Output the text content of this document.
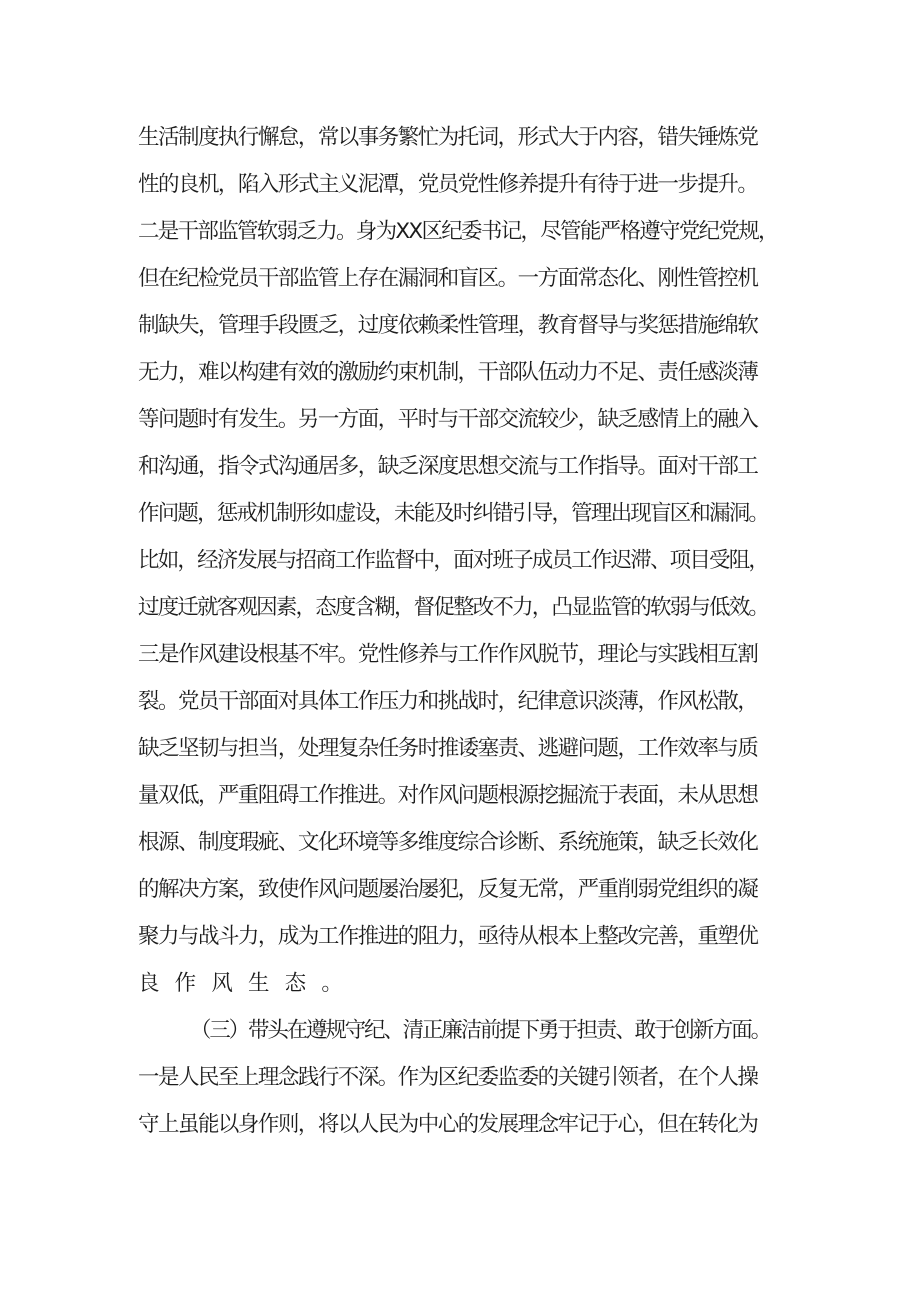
生活制度执行懈怠，常以事务繁忙为托词，形式大于内容，错失锤炼党
性的良机，陷入形式主义泥潭，党员党性修养提升有待于进一步提升。
二是干部监管软弱乏力。身为XX区纪委书记，尽管能严格遵守党纪党规，
但在纪检党员干部监管上存在漏洞和盲区。一方面常态化、刚性管控机
制缺失，管理手段匮乏，过度依赖柔性管理，教育督导与奖惩措施绵软
无力，难以构建有效的激励约束机制，干部队伍动力不足、责任感淡薄
等问题时有发生。另一方面，平时与干部交流较少，缺乏感情上的融入
和沟通，指令式沟通居多，缺乏深度思想交流与工作指导。面对干部工
作问题，惩戒机制形如虚设，未能及时纠错引导，管理出现盲区和漏洞。
比如，经济发展与招商工作监督中，面对班子成员工作迟滞、项目受阻，
过度迁就客观因素，态度含糊，督促整改不力，凸显监管的软弱与低效。
三是作风建设根基不牢。党性修养与工作作风脱节，理论与实践相互割
裂。党员干部面对具体工作压力和挑战时，纪律意识淡薄，作风松散，
缺乏坚韧与担当，处理复杂任务时推诿塞责、逃避问题，工作效率与质
量双低，严重阻碍工作推进。对作风问题根源挖掘流于表面，未从思想
根源、制度瑕疵、文化环境等多维度综合诊断、系统施策，缺乏长效化
的解决方案，致使作风问题屡治屡犯，反复无常，严重削弱党组织的凝
聚力与战斗力，成为工作推进的阻力，亟待从根本上整改完善，重塑优
良作风生态。
（三）带头在遵规守纪、清正廉洁前提下勇于担责、敢于创新方面。
一是人民至上理念践行不深。作为区纪委监委的关键引领者，在个人操
守上虽能以身作则，将以人民为中心的发展理念牢记于心，但在转化为
